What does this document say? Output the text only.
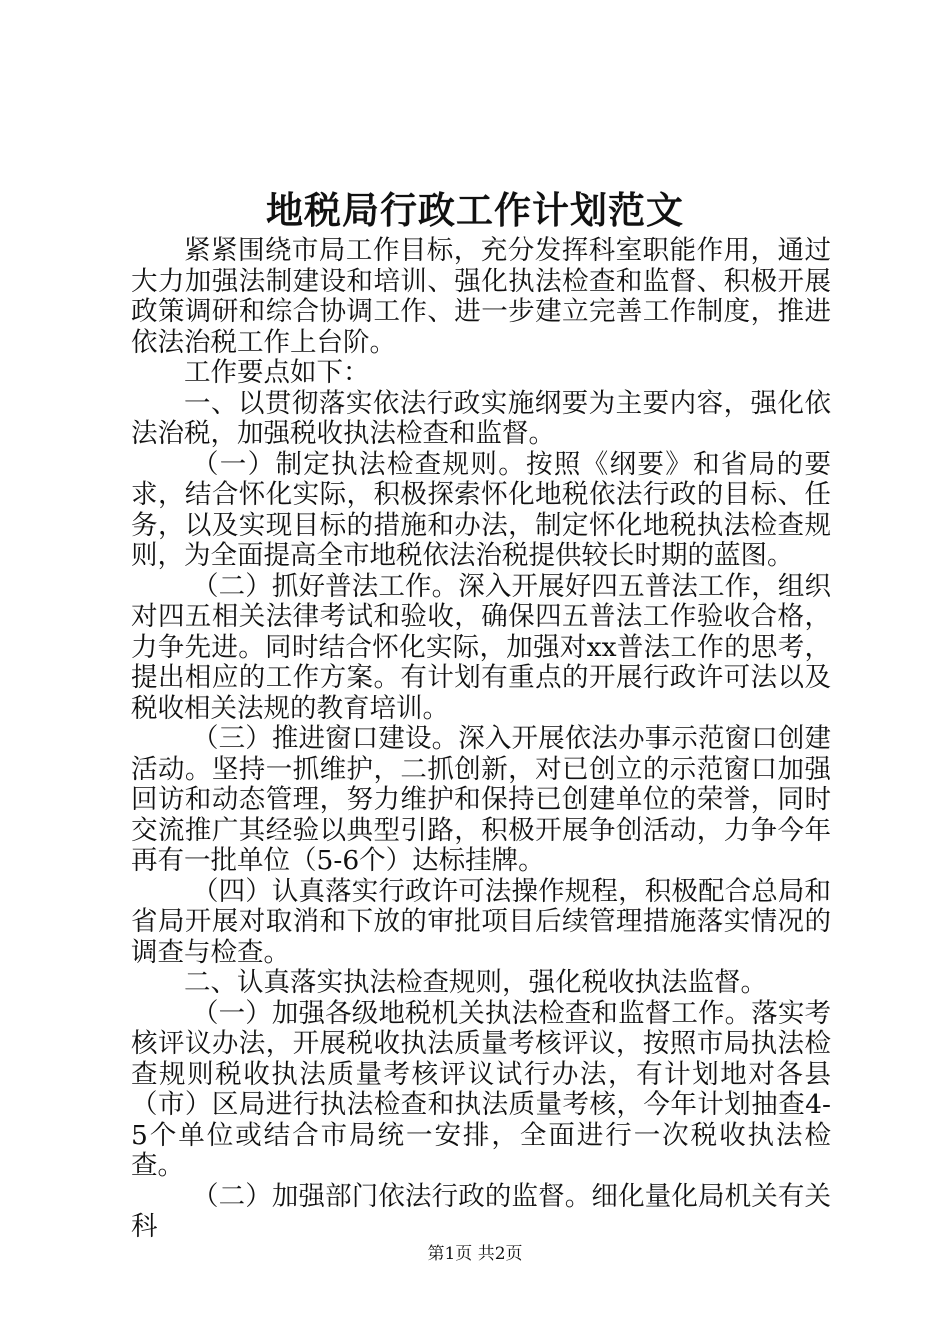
地税局行政工作计划范文

紧紧围绕市局工作目标，充分发挥科室职能作用，通过大力加强法制建设和培训、强化执法检查和监督、积极开展政策调研和综合协调工作、进一步建立完善工作制度，推进依法治税工作上台阶。

工作要点如下：

一、以贯彻落实依法行政实施纲要为主要内容，强化依法治税，加强税收执法检查和监督。

（一）制定执法检查规则。按照《纲要》和省局的要求，结合怀化实际，积极探索怀化地税依法行政的目标、任务，以及实现目标的措施和办法，制定怀化地税执法检查规则，为全面提高全市地税依法治税提供较长时期的蓝图。

（二）抓好普法工作。深入开展好四五普法工作，组织对四五相关法律考试和验收，确保四五普法工作验收合格，力争先进。同时结合怀化实际，加强对xx普法工作的思考，提出相应的工作方案。有计划有重点的开展行政许可法以及税收相关法规的教育培训。

（三）推进窗口建设。深入开展依法办事示范窗口创建活动。坚持一抓维护，二抓创新，对已创立的示范窗口加强回访和动态管理，努力维护和保持已创建单位的荣誉，同时交流推广其经验以典型引路，积极开展争创活动，力争今年再有一批单位（5-6个）达标挂牌。

（四）认真落实行政许可法操作规程，积极配合总局和省局开展对取消和下放的审批项目后续管理措施落实情况的调查与检查。

二、认真落实执法检查规则，强化税收执法监督。

（一）加强各级地税机关执法检查和监督工作。落实考核评议办法，开展税收执法质量考核评议，按照市局执法检查规则税收执法质量考核评议试行办法，有计划地对各县（市）区局进行执法检查和执法质量考核，今年计划抽查4-5个单位或结合市局统一安排，全面进行一次税收执法检查。

（二）加强部门依法行政的监督。细化量化局机关有关科

第1页 共2页
